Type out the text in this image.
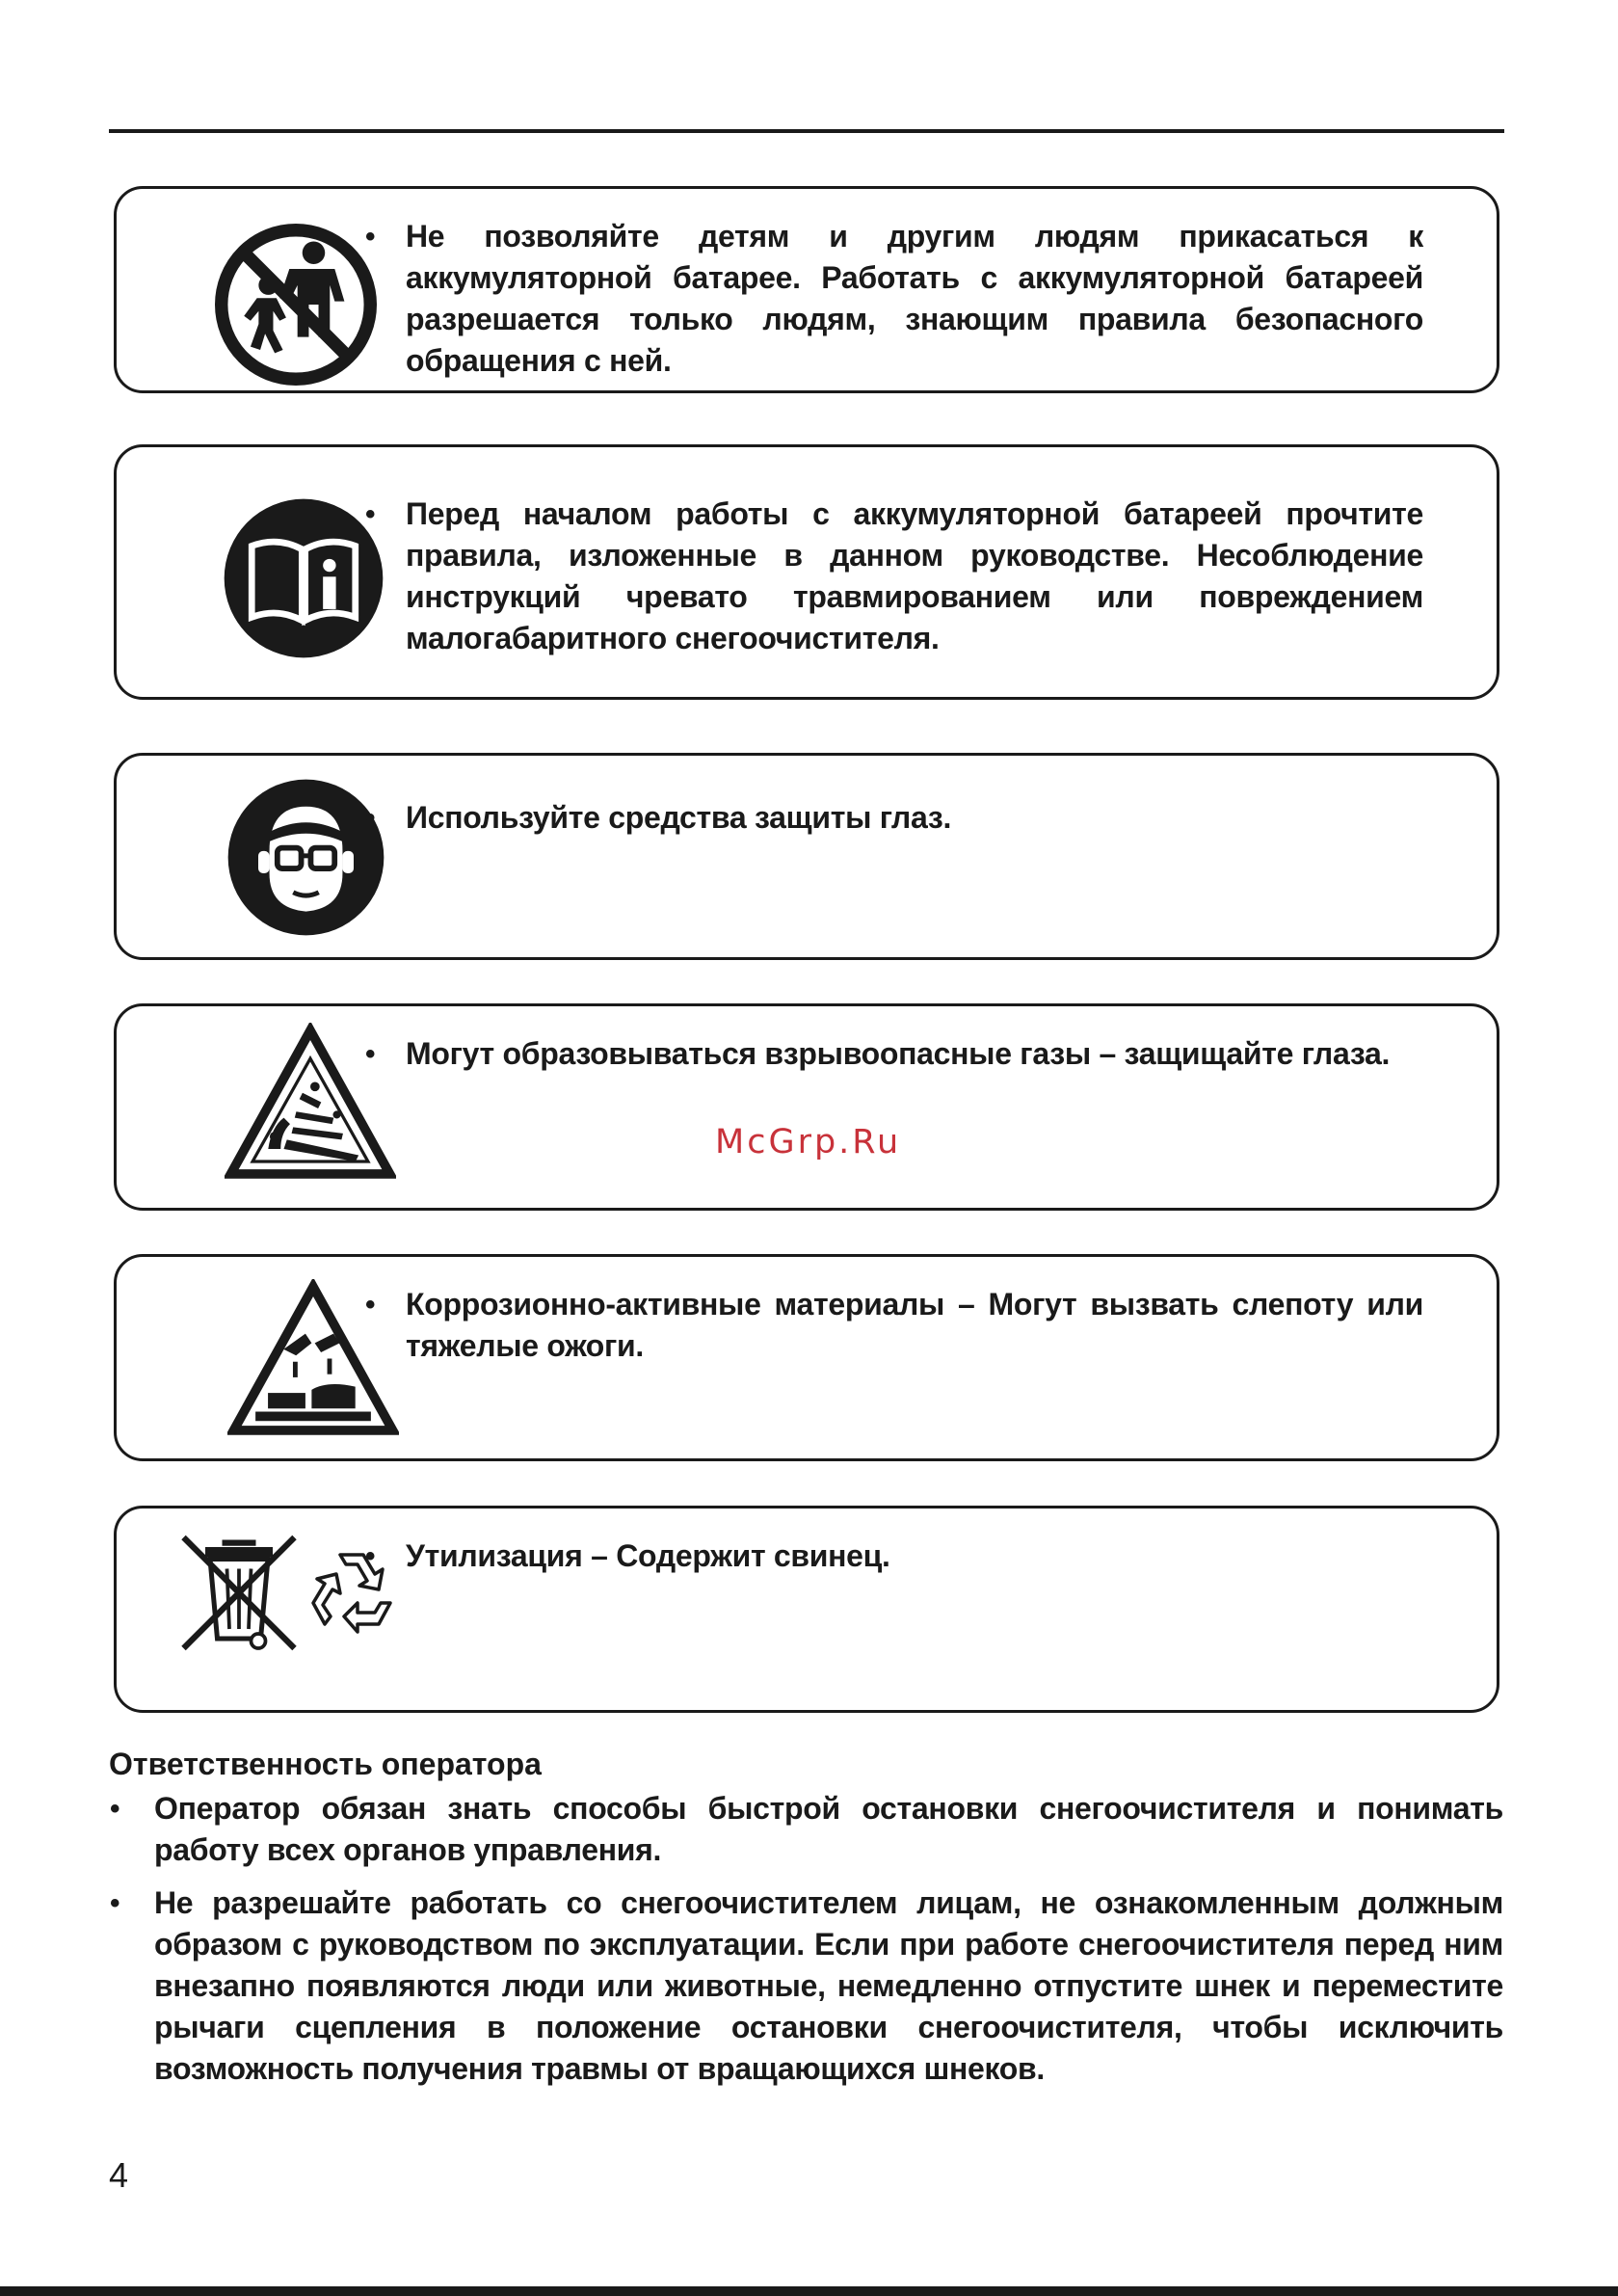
• Не позволяйте детям и другим людям прикасаться к аккумуляторной батарее. Работать с аккумуляторной батареей разрешается только людям, знающим правила безопасного обращения с ней.
• Перед началом работы с аккумуляторной батареей прочтите правила, изложенные в данном руководстве. Несоблюдение инструкций чревато травмированием или повреждением малогабаритного снегоочистителя.
• Используйте средства защиты глаз.
• Могут образовываться взрывоопасные газы – защищайте глаза.
McGrp.Ru
• Коррозионно-активные материалы – Могут вызвать слепоту или тяжелые ожоги.
• Утилизация – Содержит свинец.
Ответственность оператора
• Оператор обязан знать способы быстрой остановки снегоочистителя и понимать работу всех органов управления.
• Не разрешайте работать со снегоочистителем лицам, не ознакомленным должным образом с руководством по эксплуатации. Если при работе снегоочистителя перед ним внезапно появляются люди или животные, немедленно отпустите шнек и переместите рычаги сцепления в положение остановки снегоочистителя, чтобы исключить возможность получения травмы от вращающихся шнеков.
4
